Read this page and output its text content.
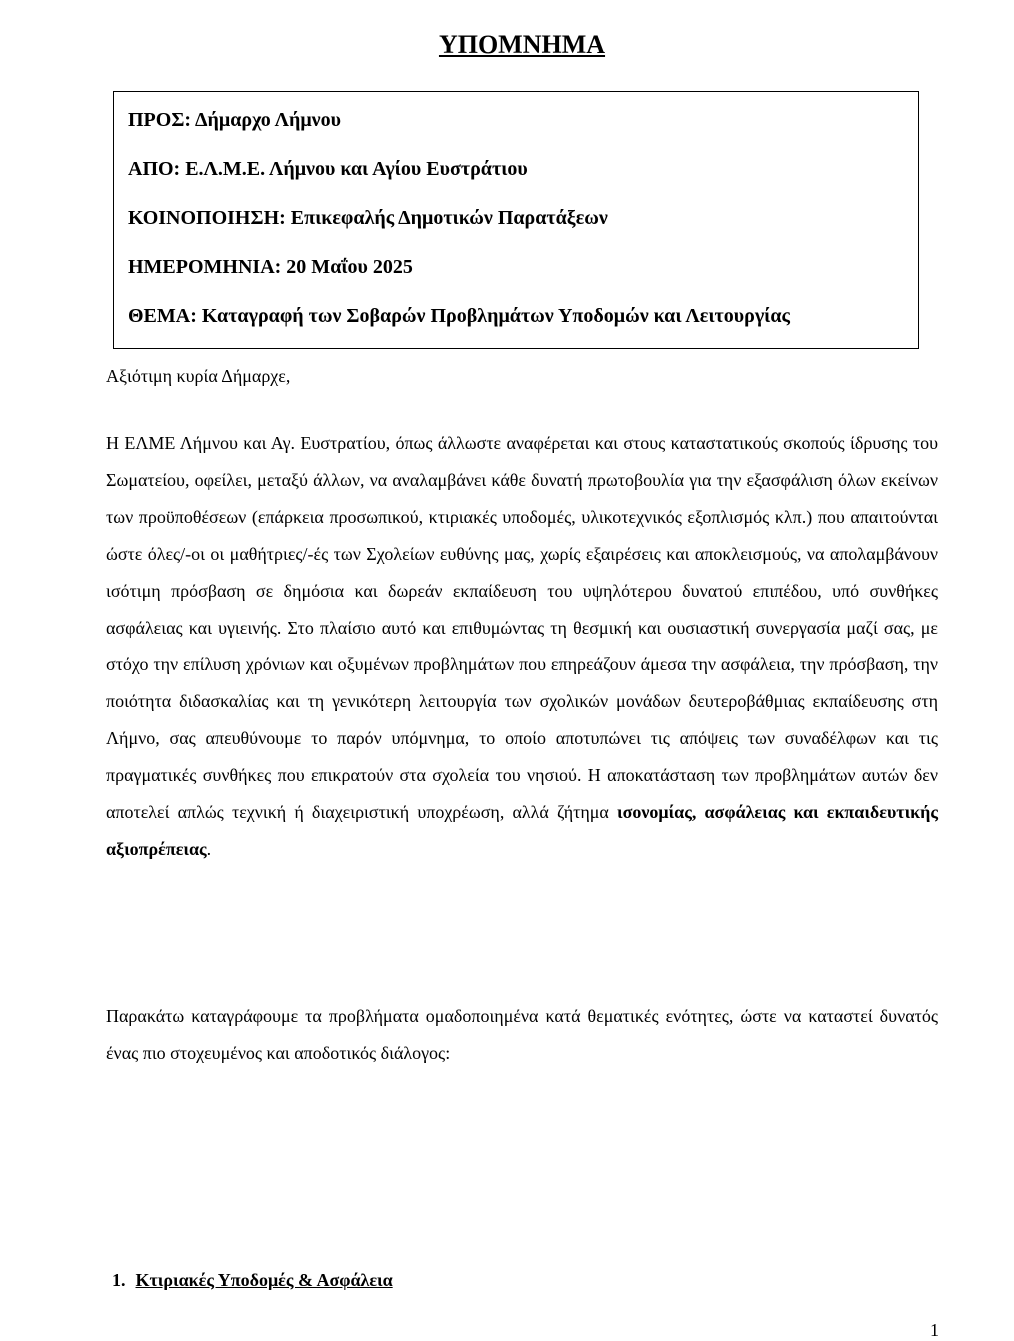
ΥΠΟΜΝΗΜΑ
ΠΡΟΣ: Δήμαρχο Λήμνου
ΑΠΟ: Ε.Λ.Μ.Ε. Λήμνου και Αγίου Ευστράτιου
ΚΟΙΝΟΠΟΙΗΣΗ: Επικεφαλής Δημοτικών Παρατάξεων
ΗΜΕΡΟΜΗΝΙΑ: 20 Μαΐου 2025
ΘΕΜΑ: Καταγραφή των Σοβαρών Προβλημάτων Υποδομών και Λειτουργίας
Αξιότιμη κυρία Δήμαρχε,

Η ΕΛΜΕ Λήμνου και Αγ. Ευστρατίου, όπως άλλωστε αναφέρεται και στους καταστατικούς σκοπούς ίδρυσης του Σωματείου, οφείλει, μεταξύ άλλων, να αναλαμβάνει κάθε δυνατή πρωτοβουλία για την εξασφάλιση όλων εκείνων των προϋποθέσεων (επάρκεια προσωπικού, κτιριακές υποδομές, υλικοτεχνικός εξοπλισμός κλπ.) που απαιτούνται ώστε όλες/-οι οι μαθήτριες/-ές των Σχολείων ευθύνης μας, χωρίς εξαιρέσεις και αποκλεισμούς, να απολαμβάνουν ισότιμη πρόσβαση σε δημόσια και δωρεάν εκπαίδευση του υψηλότερου δυνατού επιπέδου, υπό συνθήκες ασφάλειας και υγιεινής. Στο πλαίσιο αυτό και επιθυμώντας τη θεσμική και ουσιαστική συνεργασία μαζί σας, με στόχο την επίλυση χρόνιων και οξυμένων προβλημάτων που επηρεάζουν άμεσα την ασφάλεια, την πρόσβαση, την ποιότητα διδασκαλίας και τη γενικότερη λειτουργία των σχολικών μονάδων δευτεροβάθμιας εκπαίδευσης στη Λήμνο, σας απευθύνουμε το παρόν υπόμνημα, το οποίο αποτυπώνει τις απόψεις των συναδέλφων και τις πραγματικές συνθήκες που επικρατούν στα σχολεία του νησιού. Η αποκατάσταση των προβλημάτων αυτών δεν αποτελεί απλώς τεχνική ή διαχειριστική υποχρέωση, αλλά ζήτημα ισονομίας, ασφάλειας και εκπαιδευτικής αξιοπρέπειας.

Παρακάτω καταγράφουμε τα προβλήματα ομαδοποιημένα κατά θεματικές ενότητες, ώστε να καταστεί δυνατός ένας πιο στοχευμένος και αποδοτικός διάλογος:

1. Κτιριακές Υποδομές & Ασφάλεια
1
